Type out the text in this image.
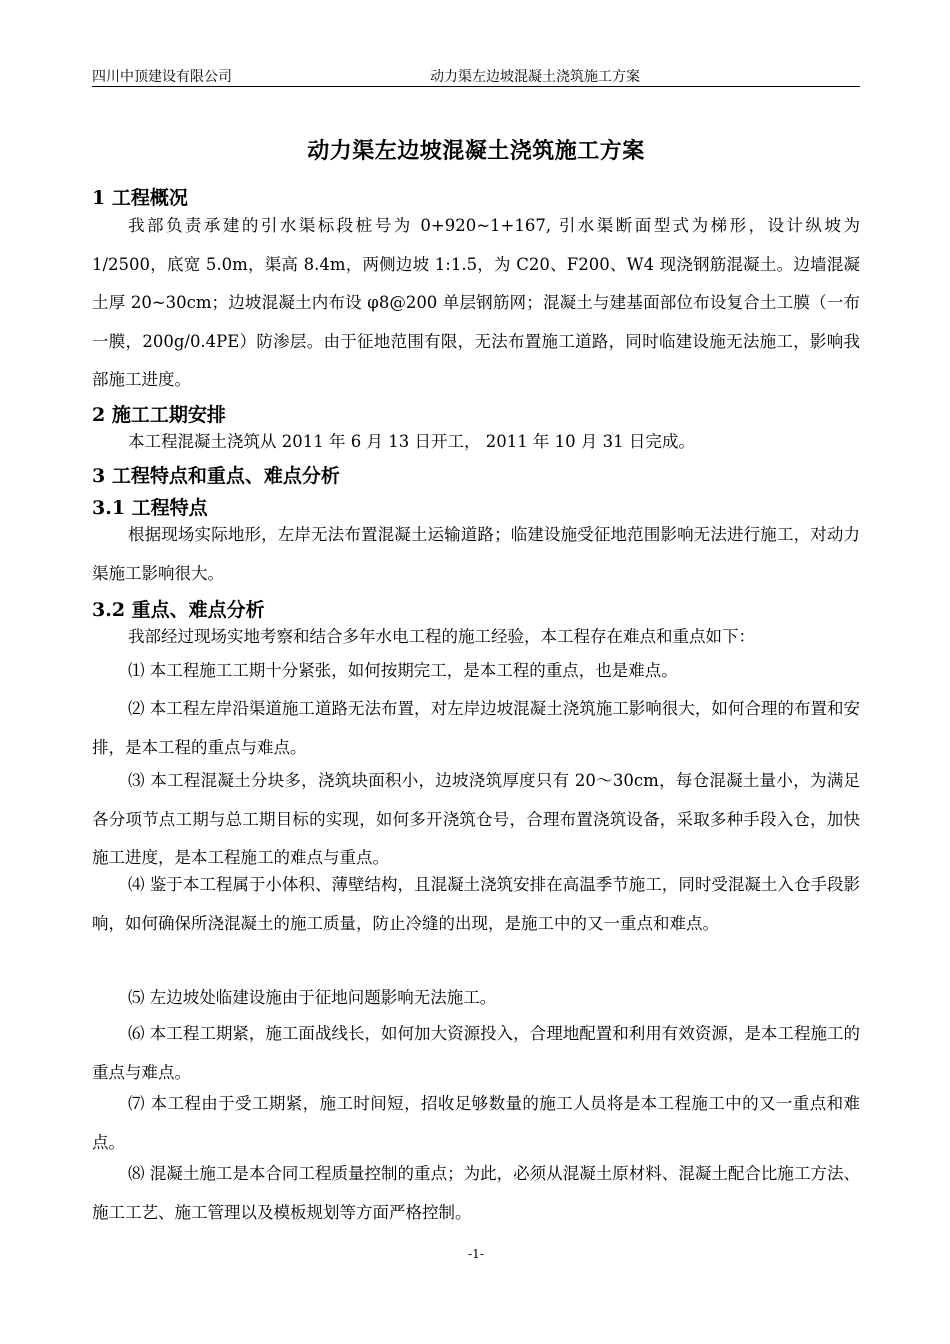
四川中顶建设有限公司	动力渠左边坡混凝土浇筑施工方案
动力渠左边坡混凝土浇筑施工方案
1 工程概况
我部负责承建的引水渠标段桩号为 0+920~1+167, 引水渠断面型式为梯形，设计纵坡为 1/2500，底宽 5.0m，渠高 8.4m，两侧边坡 1:1.5，为 C20、F200、W4 现浇钢筋混凝土。边墙混凝土厚 20~30cm；边坡混凝土内布设 φ8@200 单层钢筋网；混凝土与建基面部位布设复合土工膜（一布一膜，200g/0.4PE）防渗层。由于征地范围有限，无法布置施工道路，同时临建设施无法施工，影响我部施工进度。
2 施工工期安排
本工程混凝土浇筑从 2011 年 6 月 13 日开工， 2011 年 10 月 31 日完成。
3 工程特点和重点、难点分析
3.1 工程特点
根据现场实际地形，左岸无法布置混凝土运输道路；临建设施受征地范围影响无法进行施工，对动力渠施工影响很大。
3.2 重点、难点分析
我部经过现场实地考察和结合多年水电工程的施工经验，本工程存在难点和重点如下：
⑴ 本工程施工工期十分紧张，如何按期完工，是本工程的重点，也是难点。
⑵ 本工程左岸沿渠道施工道路无法布置，对左岸边坡混凝土浇筑施工影响很大，如何合理的布置和安排，是本工程的重点与难点。
⑶ 本工程混凝土分块多，浇筑块面积小，边坡浇筑厚度只有 20～30cm，每仓混凝土量小，为满足各分项节点工期与总工期目标的实现，如何多开浇筑仓号，合理布置浇筑设备，采取多种手段入仓，加快施工进度，是本工程施工的难点与重点。
⑷ 鉴于本工程属于小体积、薄壁结构，且混凝土浇筑安排在高温季节施工，同时受混凝土入仓手段影响，如何确保所浇混凝土的施工质量，防止冷缝的出现，是施工中的又一重点和难点。
⑸ 左边坡处临建设施由于征地问题影响无法施工。
⑹ 本工程工期紧，施工面战线长，如何加大资源投入，合理地配置和利用有效资源，是本工程施工的重点与难点。
⑺ 本工程由于受工期紧，施工时间短，招收足够数量的施工人员将是本工程施工中的又一重点和难点。
⑻ 混凝土施工是本合同工程质量控制的重点；为此，必须从混凝土原材料、混凝土配合比施工方法、施工工艺、施工管理以及模板规划等方面严格控制。
-1-
